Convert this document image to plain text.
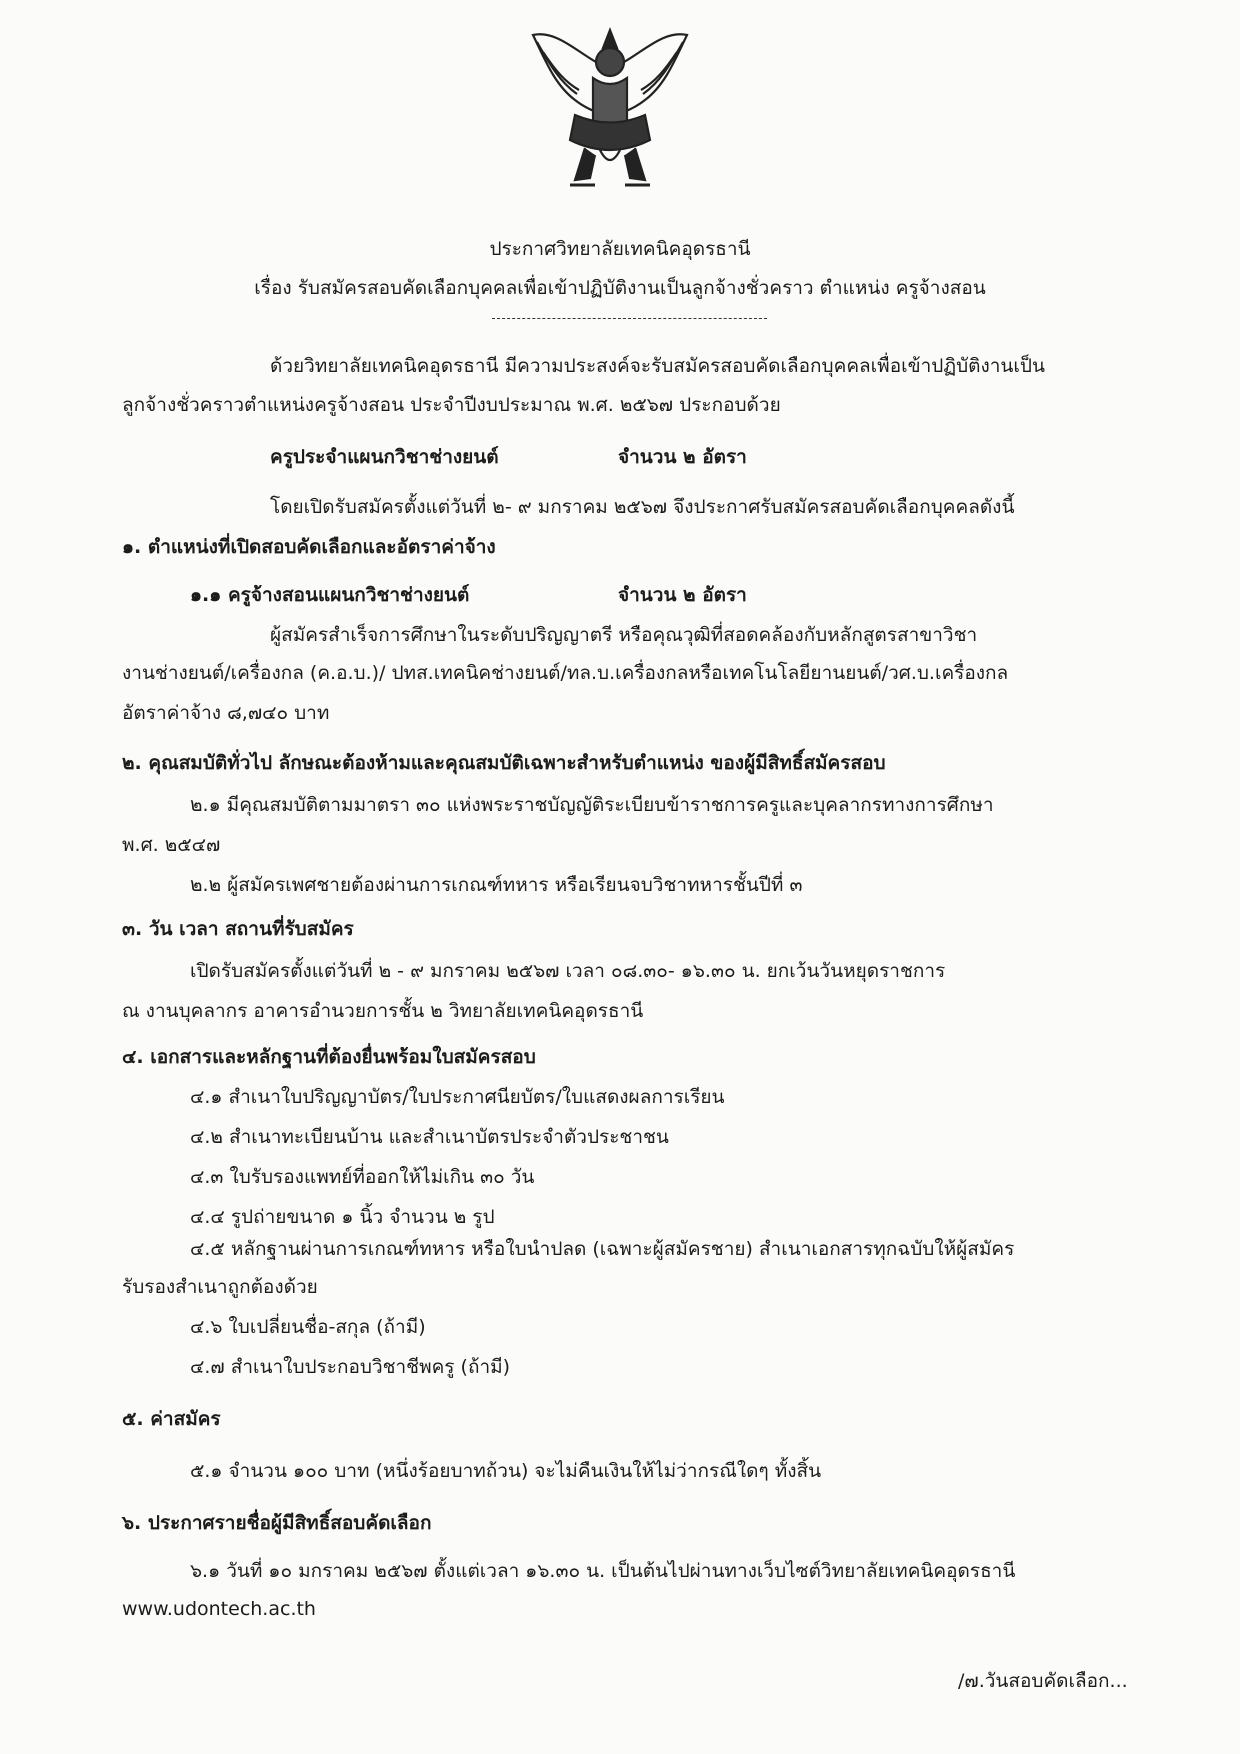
ประกาศวิทยาลัยเทคนิคอุดรธานี
เรื่อง รับสมัครสอบคัดเลือกบุคคลเพื่อเข้าปฏิบัติงานเป็นลูกจ้างชั่วคราว ตำแหน่ง ครูจ้างสอน
ด้วยวิทยาลัยเทคนิคอุดรธานี มีความประสงค์จะรับสมัครสอบคัดเลือกบุคคลเพื่อเข้าปฏิบัติงานเป็น
ลูกจ้างชั่วคราวตำแหน่งครูจ้างสอน ประจำปีงบประมาณ พ.ศ. ๒๕๖๗ ประกอบด้วย
ครูประจำแผนกวิชาช่างยนต์	จำนวน ๒ อัตรา
โดยเปิดรับสมัครตั้งแต่วันที่ ๒- ๙ มกราคม ๒๕๖๗ จึงประกาศรับสมัครสอบคัดเลือกบุคคลดังนี้
๑. ตำแหน่งที่เปิดสอบคัดเลือกและอัตราค่าจ้าง
๑.๑ ครูจ้างสอนแผนกวิชาช่างยนต์	จำนวน ๒ อัตรา
ผู้สมัครสำเร็จการศึกษาในระดับปริญญาตรี หรือคุณวุฒิที่สอดคล้องกับหลักสูตรสาขาวิชา
งานช่างยนต์/เครื่องกล (ค.อ.บ.)/ ปทส.เทคนิคช่างยนต์/ทล.บ.เครื่องกลหรือเทคโนโลยียานยนต์/วศ.บ.เครื่องกล
อัตราค่าจ้าง ๘,๗๔๐ บาท
๒. คุณสมบัติทั่วไป ลักษณะต้องห้ามและคุณสมบัติเฉพาะสำหรับตำแหน่ง ของผู้มีสิทธิ์สมัครสอบ
๒.๑ มีคุณสมบัติตามมาตรา ๓๐ แห่งพระราชบัญญัติระเบียบข้าราชการครูและบุคลากรทางการศึกษา
พ.ศ. ๒๕๔๗
๒.๒ ผู้สมัครเพศชายต้องผ่านการเกณฑ์ทหาร หรือเรียนจบวิชาทหารชั้นปีที่ ๓
๓. วัน เวลา สถานที่รับสมัคร
เปิดรับสมัครตั้งแต่วันที่ ๒ - ๙ มกราคม ๒๕๖๗ เวลา ๐๘.๓๐- ๑๖.๓๐ น. ยกเว้นวันหยุดราชการ
ณ งานบุคลากร อาคารอำนวยการชั้น ๒ วิทยาลัยเทคนิคอุดรธานี
๔. เอกสารและหลักฐานที่ต้องยื่นพร้อมใบสมัครสอบ
๔.๑ สำเนาใบปริญญาบัตร/ใบประกาศนียบัตร/ใบแสดงผลการเรียน
๔.๒ สำเนาทะเบียนบ้าน และสำเนาบัตรประจำตัวประชาชน
๔.๓ ใบรับรองแพทย์ที่ออกให้ไม่เกิน ๓๐ วัน
๔.๔ รูปถ่ายขนาด ๑ นิ้ว จำนวน ๒ รูป
๔.๕ หลักฐานผ่านการเกณฑ์ทหาร หรือใบนำปลด (เฉพาะผู้สมัครชาย) สำเนาเอกสารทุกฉบับให้ผู้สมัคร
รับรองสำเนาถูกต้องด้วย
๔.๖ ใบเปลี่ยนชื่อ-สกุล (ถ้ามี)
๔.๗ สำเนาใบประกอบวิชาชีพครู (ถ้ามี)
๕. ค่าสมัคร
๕.๑ จำนวน ๑๐๐ บาท (หนึ่งร้อยบาทถ้วน) จะไม่คืนเงินให้ไม่ว่ากรณีใดๆ ทั้งสิ้น
๖. ประกาศรายชื่อผู้มีสิทธิ์สอบคัดเลือก
๖.๑ วันที่ ๑๐ มกราคม ๒๕๖๗ ตั้งแต่เวลา ๑๖.๓๐ น. เป็นต้นไปผ่านทางเว็บไซต์วิทยาลัยเทคนิคอุดรธานี
www.udontech.ac.th
/๗.วันสอบคัดเลือก...
